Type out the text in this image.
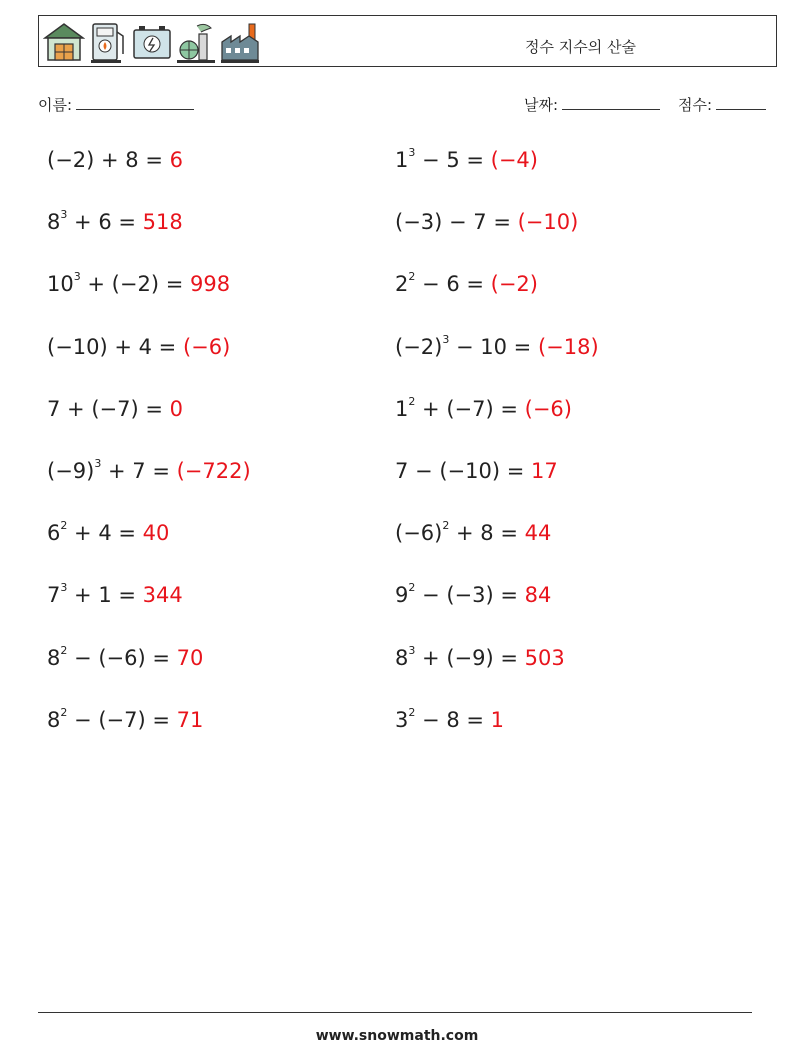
정수 지수의 산술
이름:	날짜:	점수:
(−2) + 8 = 6	$1^3 - 5 = (-4)$
$8^3 + 6 = 518$	(−3) − 7 = (−10)
$10^3 + (-2) = 998$	$2^2 - 6 = (-2)$
(−10) + 4 = (−6)	$(-2)^3 - 10 = (-18)$
7 + (−7) = 0	$1^2 + (-7) = (-6)$
$(-9)^3 + 7 = (-722)$	7 − (−10) = 17
$6^2 + 4 = 40$	$(-6)^2 + 8 = 44$
$7^3 + 1 = 344$	$9^2 - (-3) = 84$
$8^2 - (-6) = 70$	$8^3 + (-9) = 503$
$8^2 - (-7) = 71$	$3^2 - 8 = 1$
www.snowmath.com
